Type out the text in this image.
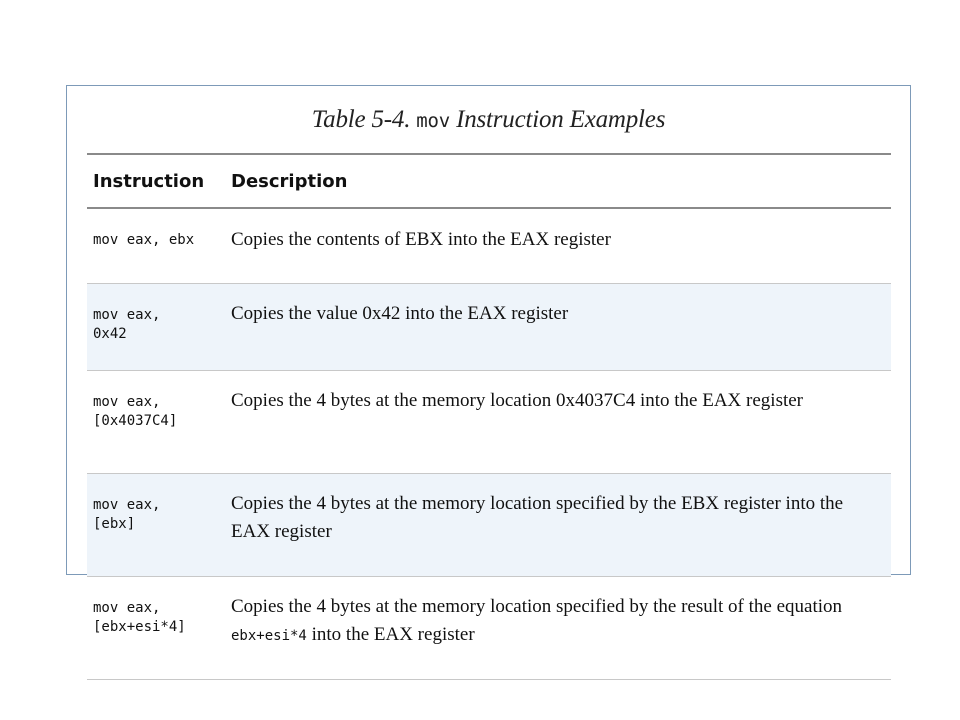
Table 5-4. mov Instruction Examples
Instruction	Description
mov eax, ebx	Copies the contents of EBX into the EAX register
mov eax,
0x42	Copies the value 0x42 into the EAX register
mov eax,
[0x4037C4]	Copies the 4 bytes at the memory location 0x4037C4 into the EAX register
mov eax,
[ebx]	Copies the 4 bytes at the memory location specified by the EBX register into the EAX register
mov eax,
[ebx+esi*4]	Copies the 4 bytes at the memory location specified by the result of the equation ebx+esi*4 into the EAX register
